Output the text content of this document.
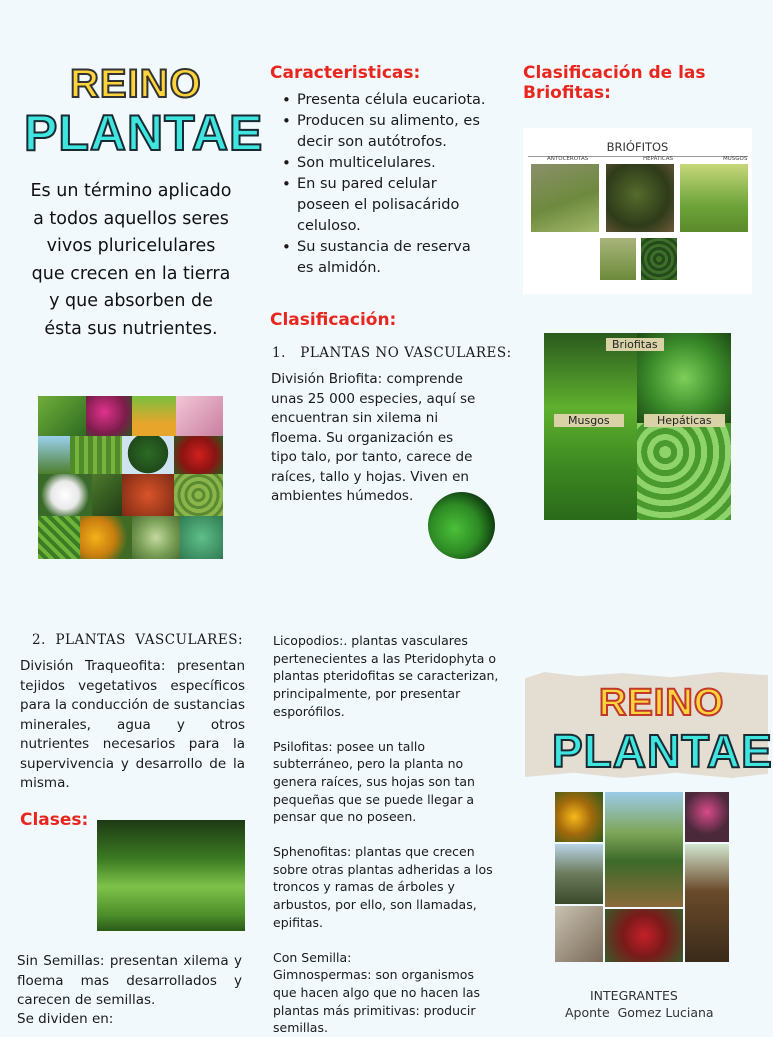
REINO
PLANTAE

Es un término aplicado a todos aquellos seres vivos pluricelulares que crecen en la tierra y que absorben de ésta sus nutrientes.

Caracteristicas:
• Presenta célula eucariota.
• Producen su alimento, es decir son autótrofos.
• Son multicelulares.
• En su pared celular poseen el polisacárido celuloso.
• Su sustancia de reserva es almidón.
Clasificación:
1.   PLANTAS NO VASCULARES:

División Briofita: comprende unas 25 000 especies, aquí se encuentran sin xilema ni floema. Su organización es tipo talo, por tanto, carece de raíces, tallo y hojas. Viven en ambientes húmedos.

Clasificación de las Briofitas:
BRIÓFITOS
ANTOCEROTAS	HEPÁTICAS	MUSGOS
Briofitas
Musgos	Hepáticas
2.  PLANTAS  VASCULARES:

División Traqueofita: presentan tejidos vegetativos específicos para la conducción de sustancias minerales, agua y otros nutrientes necesarios para la supervivencia y desarrollo de la misma.

Clases:

Sin Semillas: presentan xilema y floema mas desarrollados y carecen de semillas.

Se dividen en:

Licopodios:. plantas vasculares pertenecientes a las Pteridophyta o plantas pteridofitas se caracterizan, principalmente, por presentar esporófilos.

Psilofitas: posee un tallo subterráneo, pero la planta no genera raíces, sus hojas son tan pequeñas que se puede llegar a pensar que no poseen.

Sphenofitas: plantas que crecen sobre otras plantas adheridas a los troncos y ramas de árboles y arbustos, por ello, son llamadas, epifitas.

Con Semilla:

Gimnospermas: son organismos que hacen algo que no hacen las plantas más primitivas: producir semillas.

REINO
PLANTAE
INTEGRANTES
Aponte  Gomez Luciana
